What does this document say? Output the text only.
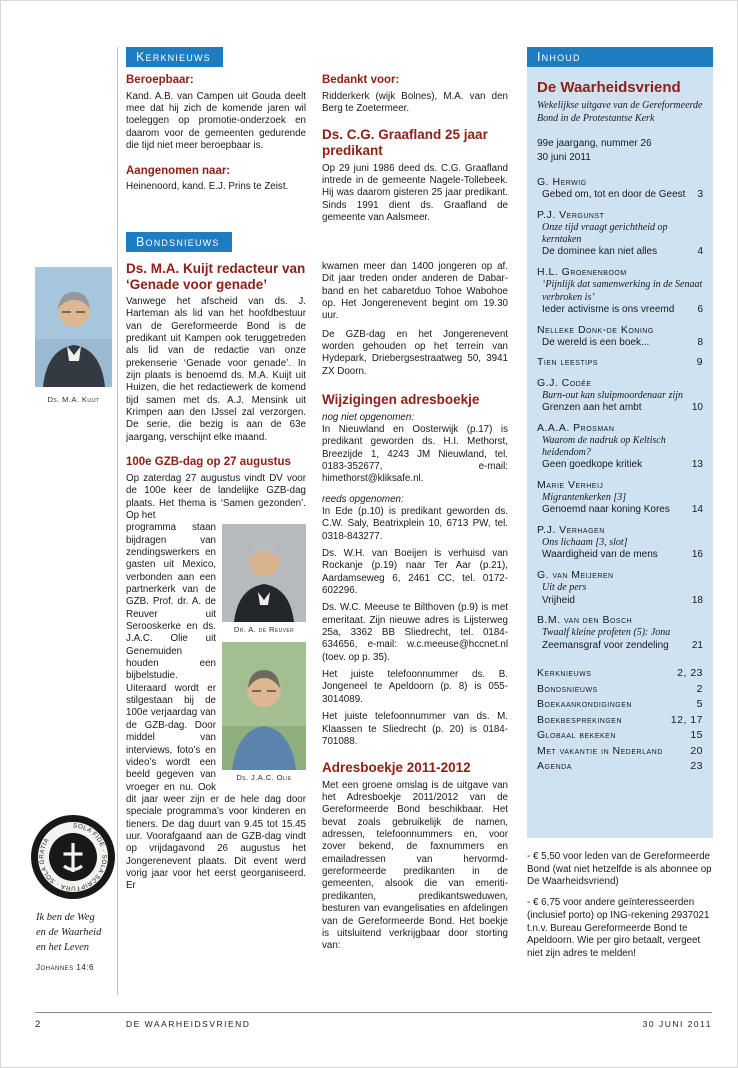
Kerknieuws
Beroepbaar:

Kand. A.B. van Campen uit Gouda deelt mee dat hij zich de komende jaren wil toeleggen op promotie-onderzoek en daarom voor de gemeenten gedurende die tijd niet meer beroepbaar is.

Aangenomen naar:

Heinenoord, kand. E.J. Prins te Zeist.

Bedankt voor:

Ridderkerk (wijk Bolnes), M.A. van den Berg te Zoetermeer.

Ds. C.G. Graafland 25 jaar predikant

Op 29 juni 1986 deed ds. C.G. Graafland intrede in de gemeente Nagele-Tollebeek. Hij was daarom gisteren 25 jaar predikant. Sinds 1991 dient ds. Graafland de gemeente van Aalsmeer.

Bondsnieuws
Ds. M.A. Kuijt
Ds. M.A. Kuijt redacteur van ‘Genade voor genade’

Vanwege het afscheid van ds. J. Harteman als lid van het hoofdbestuur van de Gereformeerde Bond is de predikant uit Kampen ook teruggetreden als lid van de redactie van onze prekenserie ‘Genade voor genade’. In zijn plaats is benoemd ds. M.A. Kuijt uit Huizen, die het redactiewerk de komend tijd samen met ds. A.J. Mensink uit Krimpen aan den IJssel zal verzorgen. De serie, die bezig is aan de 63e jaargang, verschijnt elke maand.

100e GZB-dag op 27 augustus

Op zaterdag 27 augustus vindt DV voor de 100e keer de landelijke GZB-dag plaats. Het thema is ‘Samen gezonden’. Op het

Dr. A. de Reuver
Ds. J.A.C. Olie

programma staan bijdragen van zendingswerkers en gasten uit Mexico, verbonden aan een partnerkerk van de GZB. Prof. dr. A. de Reuver uit Serooskerke en ds. J.A.C. Olie uit Genemuiden houden een bijbelstudie. Uiteraard wordt er stilgestaan bij de 100e verjaardag van de GZB-dag. Door middel van interviews, foto’s en video’s wordt een beeld gegeven van vroeger en nu. Ook dit jaar weer zijn er de hele dag door speciale programma’s voor kinderen en tieners. De dag duurt van 9.45 tot 15.45 uur. Voorafgaand aan de GZB-dag vindt op vrijdagavond 26 augustus het Jongerenevent plaats. Dit event werd vorig jaar voor het eerst georganiseerd. Er

kwamen meer dan 1400 jongeren op af. Dit jaar treden onder anderen de Dabar-band en het cabaretduo Tohoe Wabohoe op. Het Jongerenevent begint om 19.30 uur.

De GZB-dag en het Jongerenevent worden gehouden op het terrein van Hydepark, Driebergsestraatweg 50, 3941 ZX Doorn.

Wijzigingen adresboekje

nog niet opgenomen:

In Nieuwland en Oosterwijk (p.17) is predikant geworden ds. H.I. Methorst, Breezijde 1, 4243 JM Nieuwland, tel. 0183-352677, e-mail: himethorst@kliksafe.nl.

reeds opgenomen:

In Ede (p.10) is predikant geworden ds. C.W. Saly, Beatrixplein 10, 6713 PW, tel. 0318-843277.

Ds. W.H. van Boeijen is verhuisd van Rockanje (p.19) naar Ter Aar (p.21), Aardamseweg 6, 2461 CC, tel. 0172-602296.

Ds. W.C. Meeuse te Bilthoven (p.9) is met emeritaat. Zijn nieuwe adres is Lijsterweg 25a, 3362 BB Sliedrecht, tel. 0184-634656, e-mail: w.c.meeuse@hccnet.nl (toev. op p. 35).

Het juiste telefoonnummer ds. B. Jongeneel te Apeldoorn (p. 8) is 055-3014089.

Het juiste telefoonnummer van ds. M. Klaassen te Sliedrecht (p. 20) is 0184-701088.

Adresboekje 2011-2012

Met een groene omslag is de uitgave van het Adresboekje 2011/2012 van de Gereformeerde Bond beschikbaar. Het bevat zoals gebruikelijk de namen, adressen, telefoonnummers en, voor zover bekend, de faxnummers en emailadressen van hervormd-gereformeerde predikanten in de gemeenten, alsook die van emeriti-predikanten, predikantsweduwen, besturen van evangelisaties en afdelingen van de Gereformeerde Bond. Het boekje is uitsluitend verkrijgbaar door storting van:

SOLA FIDE · SOLA SCRIPTURA · SOLA GRATIA
Ik ben de Weg
en de Waarheid
en het Leven
Johannes 14:6
Inhoud
De Waarheidsvriend
Wekelijkse uitgave van de Gereformeerde Bond in de Protestantse Kerk
99e jaargang, nummer 26
30 juni 2011
G. Herwig
Gebed om, tot en door de Geest 3
P.J. Vergunst
Onze tijd vraagt gerichtheid op kerntaken
De dominee kan niet alles	4
H.L. Groenenboom
‘Pijnlijk dat samenwerking in de Senaat verbroken is’
Ieder activisme is ons vreemd 6
Nelleke Donk-de Koning
De wereld is een boek...	8
Tien leestips	9
G.J. Codée
Burn-out kan sluipmoordenaar zijn
Grenzen aan het ambt	10
A.A.A. Prosman
Waarom de nadruk op Keltisch heidendom?
Geen goedkope kritiek	13
Marie Verheij
Migrantenkerken [3]
Genoemd naar koning Kores 14
P.J. Verhagen
Ons lichaam [3, slot]
Waardigheid van de mens	16
G. van Meijeren
Uit de pers
Vrijheid	18
B.M. van den Bosch
Twaalf kleine profeten (5): Jona
Zeemansgraf voor zendeling 21
Kerknieuws	2, 23
Bondsnieuws	2
Boekaankondigingen	5
Boekbesprekingen	12, 17
Globaal bekeken	15
Met vakantie in Nederland	20
Agenda	23

- € 5,50 voor leden van de Gereformeerde Bond (wat niet hetzelfde is als abonnee op De Waarheidsvriend)

- € 6,75 voor andere geïnteresseerden (inclusief porto) op ING-rekening 2937021 t.n.v. Bureau Gereformeerde Bond te Apeldoorn. Wie per giro betaalt, vergeet niet zijn adres te melden!

2	DE WAARHEIDSVRIEND	30 JUNI 2011
